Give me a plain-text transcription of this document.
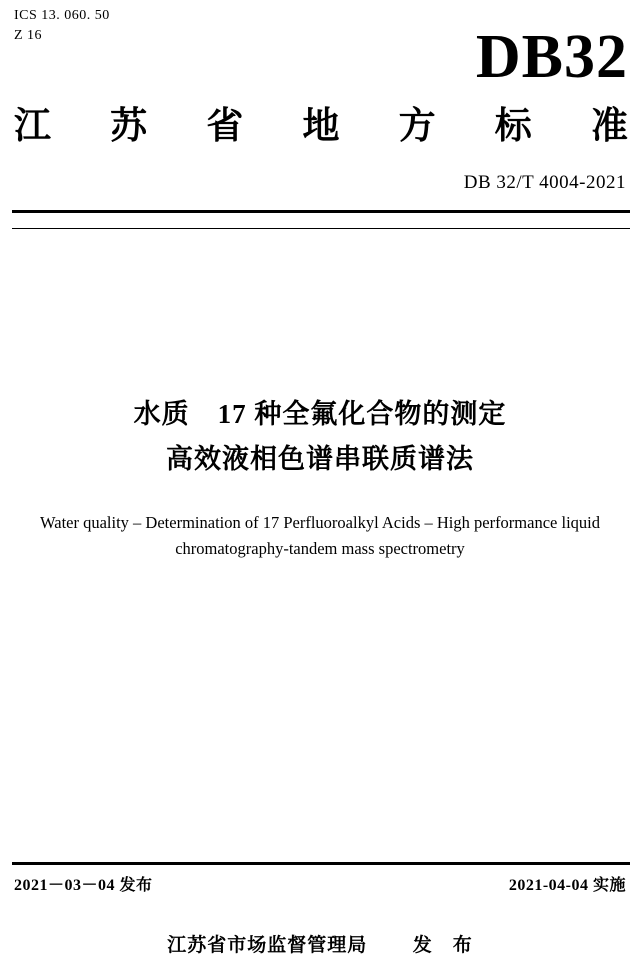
ICS 13. 060. 50
Z 16	DB32
江 苏 省 地 方 标 准
DB 32/T 4004-2021
水质　17 种全氟化合物的测定
高效液相色谱串联质谱法
Water quality – Determination of 17 Perfluoroalkyl Acids – High performance liquid
chromatography-tandem mass spectrometry
2021－03－04 发布	2021-04-04 实施
江苏省市场监督管理局 发　布
